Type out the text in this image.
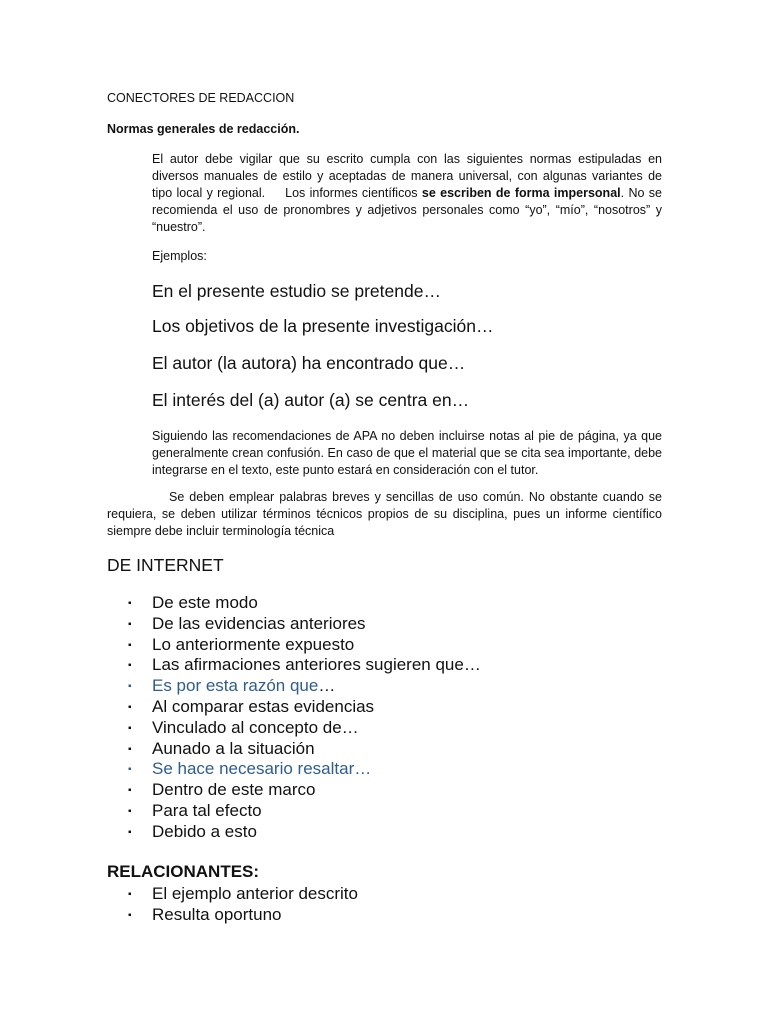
CONECTORES DE REDACCION
Normas generales de redacción.

El autor debe vigilar que su escrito cumpla con las siguientes normas estipuladas en diversos manuales de estilo y aceptadas de manera universal, con algunas variantes de tipo local y regional. Los informes científicos se escriben de forma impersonal. No se recomienda el uso de pronombres y adjetivos personales como “yo”, “mío”, “nosotros” y “nuestro”.

Ejemplos:

En el presente estudio se pretende…

Los objetivos de la presente investigación…

El autor (la autora) ha encontrado que…

El interés del (a) autor (a) se centra en…

Siguiendo las recomendaciones de APA no deben incluirse notas al pie de página, ya que generalmente crean confusión. En caso de que el material que se cita sea importante, debe integrarse en el texto, este punto estará en consideración con el tutor.

Se deben emplear palabras breves y sencillas de uso común. No obstante cuando se requiera, se deben utilizar términos técnicos propios de su disciplina, pues un informe científico siempre debe incluir terminología técnica

DE INTERNET
▪ De este modo
▪ De las evidencias anteriores
▪ Lo anteriormente expuesto
▪ Las afirmaciones anteriores sugieren que…
▪ Es por esta razón que…
▪ Al comparar estas evidencias
▪ Vinculado al concepto de…
▪ Aunado a la situación
▪ Se hace necesario resaltar…
▪ Dentro de este marco
▪ Para tal efecto
▪ Debido a esto
RELACIONANTES:
▪ El ejemplo anterior descrito
▪ Resulta oportuno
